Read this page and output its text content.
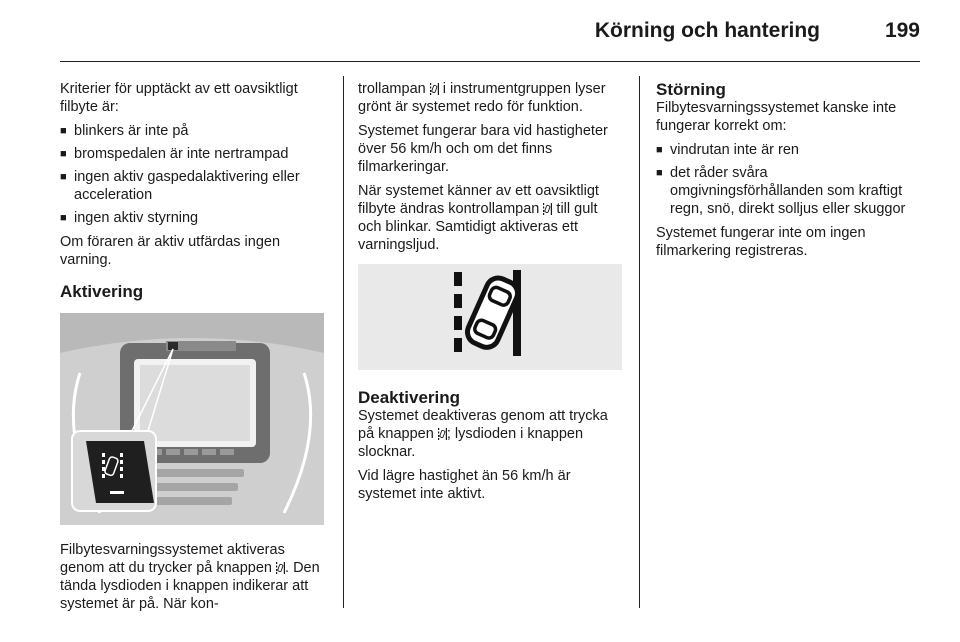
Körning och hantering	199

Kriterier för upptäckt av ett oavsiktligt filbyte är:

■ blinkers är inte på
■ bromspedalen är inte nertrampad
■ ingen aktiv gaspedalaktivering eller acceleration
■ ingen aktiv styrning

Om föraren är aktiv utfärdas ingen varning.

Aktivering

Filbytesvarningssystemet aktiveras genom att du trycker på knappen . Den tända lysdioden i knappen indikerar att systemet är på. När kon-

trollampan i instrumentgruppen lyser grönt är systemet redo för funktion.

Systemet fungerar bara vid hastigheter över 56 km/h och om det finns filmarkeringar.

När systemet känner av ett oavsiktligt filbyte ändras kontrollampan till gult och blinkar. Samtidigt aktiveras ett varningsljud.

Deaktivering

Systemet deaktiveras genom att trycka på knappen ; lysdioden i knappen slocknar.

Vid lägre hastighet än 56 km/h är systemet inte aktivt.

Störning

Filbytesvarningssystemet kanske inte fungerar korrekt om:

■ vindrutan inte är ren
■ det råder svåra omgivningsförhållanden som kraftigt regn, snö, direkt solljus eller skuggor

Systemet fungerar inte om ingen filmarkering registreras.
